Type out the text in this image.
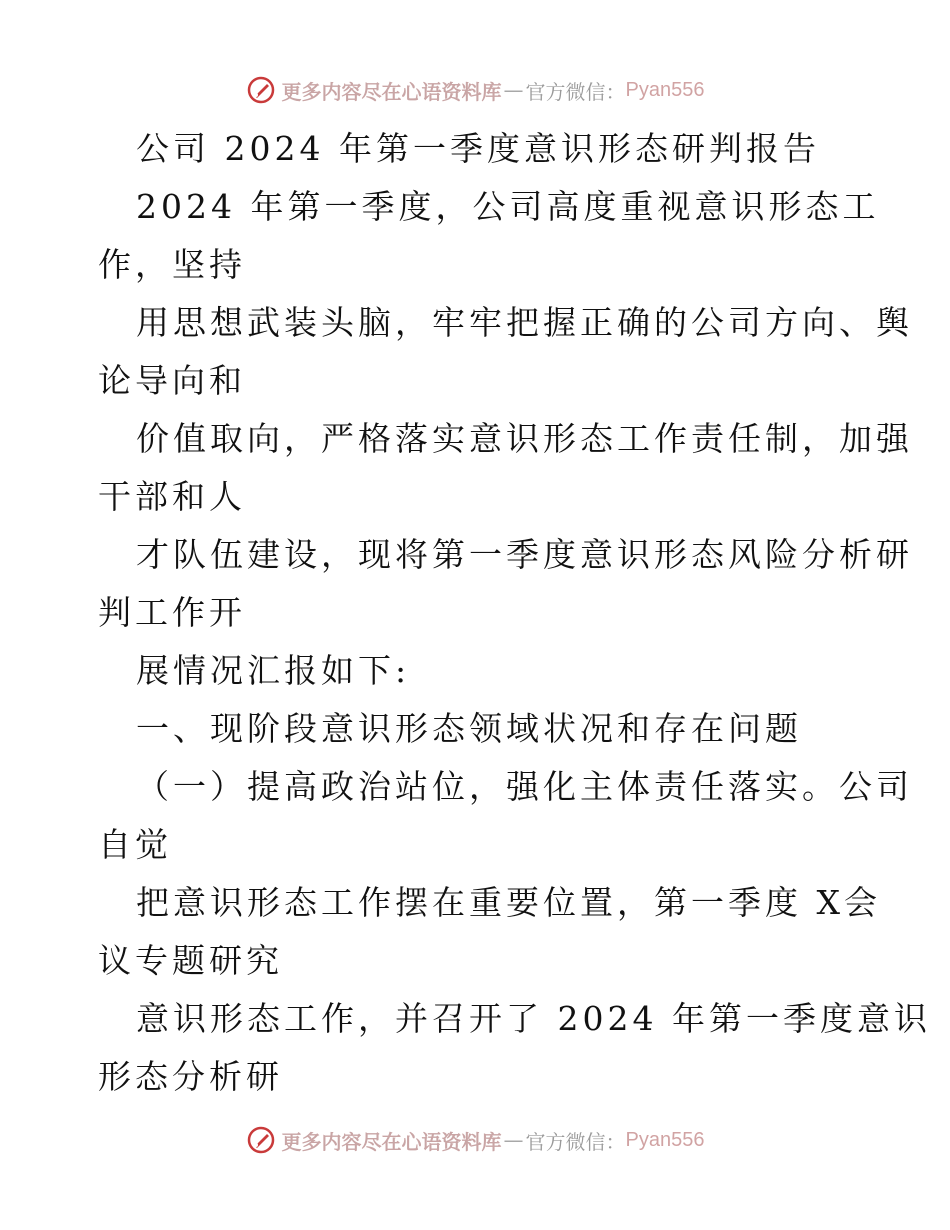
更多内容尽在心语资料库 — 官方微信： Pyan556
公司 2024 年第一季度意识形态研判报告
2024 年第一季度，公司高度重视意识形态工
作，坚持
用思想武装头脑，牢牢把握正确的公司方向、舆
论导向和
价值取向，严格落实意识形态工作责任制，加强
干部和人
才队伍建设，现将第一季度意识形态风险分析研
判工作开
展情况汇报如下:
一、现阶段意识形态领域状况和存在问题
（一）提高政治站位，强化主体责任落实。公司
自觉
把意识形态工作摆在重要位置，第一季度 X会
议专题研究
意识形态工作，并召开了 2024 年第一季度意识
形态分析研
更多内容尽在心语资料库 — 官方微信： Pyan556
